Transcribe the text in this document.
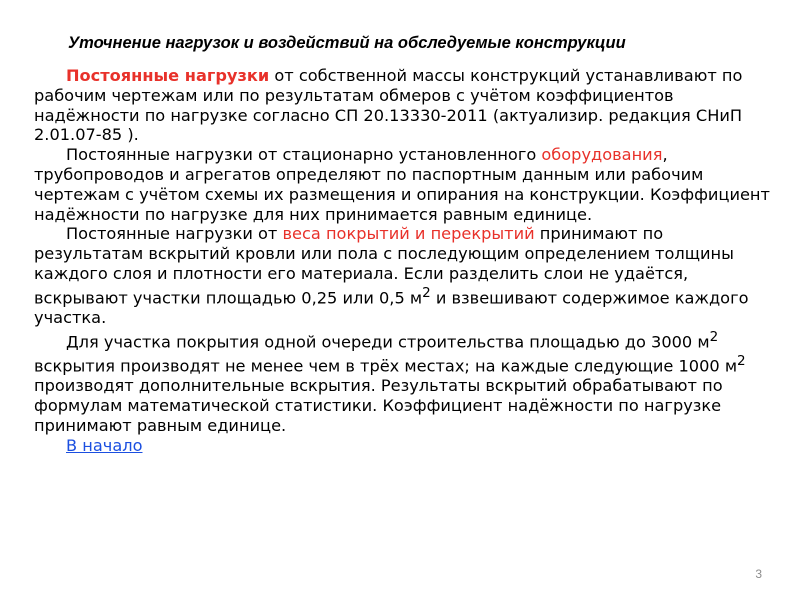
Уточнение нагрузок и воздействий на обследуемые конструкции

Постоянные нагрузки от собственной массы конструкций устанавливают по рабочим чертежам или по результатам обмеров с учётом коэффициентов надёжности по нагрузке согласно СП 20.13330-2011 (актуализир. редакция СНиП 2.01.07-85 ).

Постоянные нагрузки от стационарно установленного оборудования, трубопроводов и агрегатов определяют по паспортным данным или рабочим чертежам с учётом схемы их размещения и опирания на конструкции. Коэффициент надёжности по нагрузке для них принимается равным единице.

Постоянные нагрузки от веса покрытий и перекрытий принимают по результатам вскрытий кровли или пола с последующим определением толщины каждого слоя и плотности его материала. Если разделить слои не удаётся, вскрывают участки площадью 0,25 или 0,5 $м^2$ и взвешивают содержимое каждого участка.

Для участка покрытия одной очереди строительства площадью до 3000 $м^2$ вскрытия производят не менее чем в трёх местах; на каждые следующие 1000 $м^2$ производят дополнительные вскрытия. Результаты вскрытий обрабатывают по формулам математической статистики. Коэффициент надёжности по нагрузке принимают равным единице.

В начало

3
